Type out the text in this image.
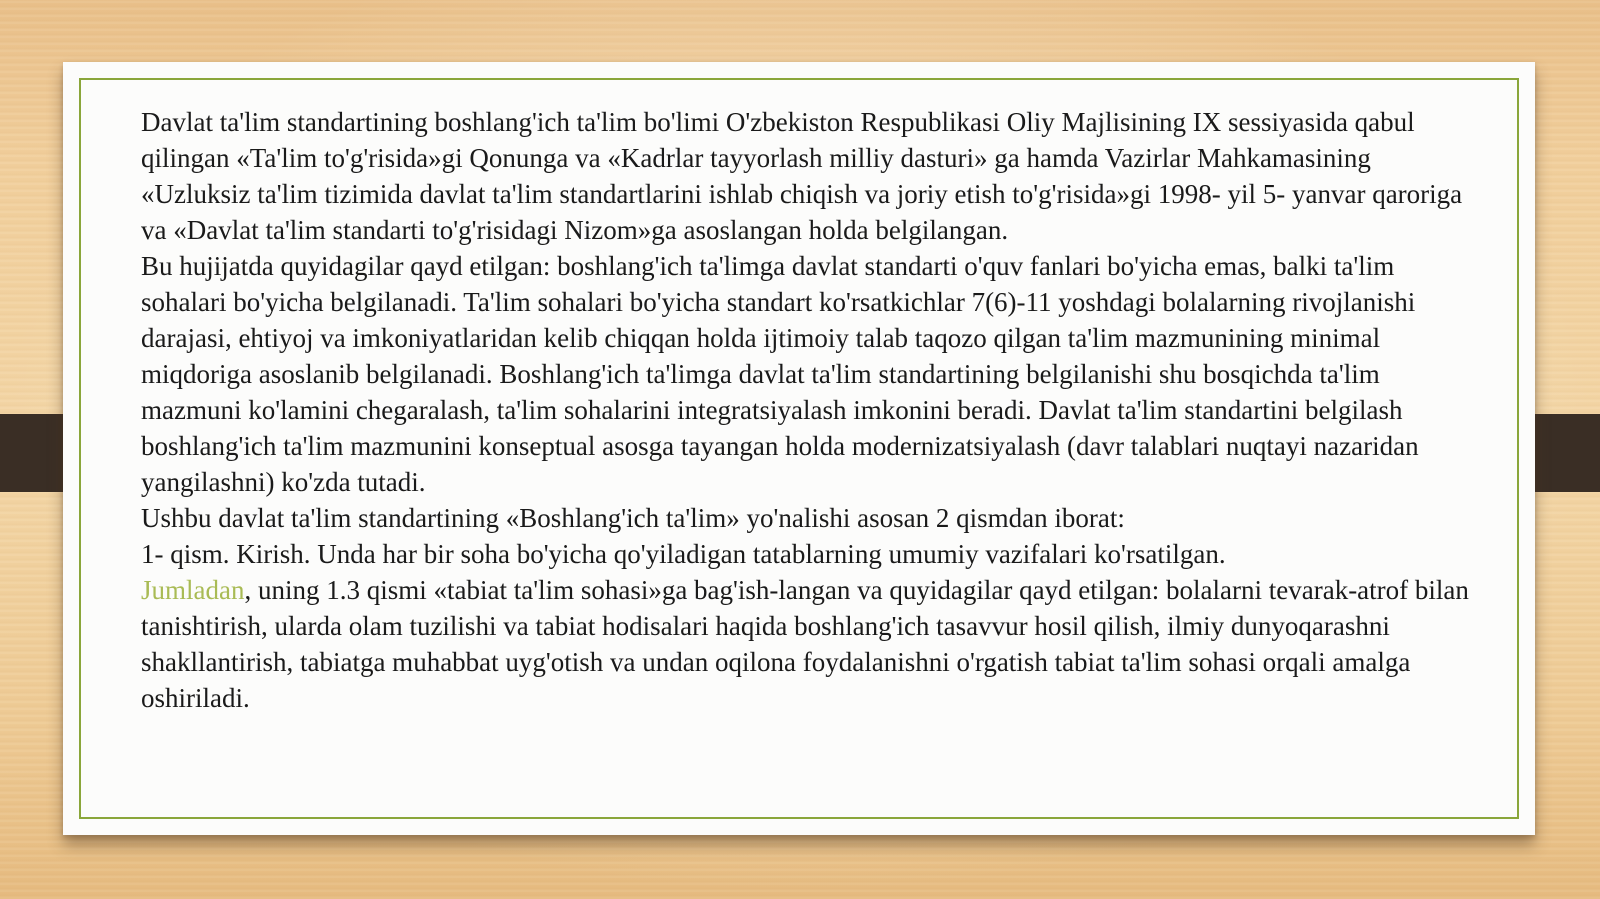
Davlat ta'lim standartining boshlang'ich ta'lim bo'limi O'zbekiston Respublikasi Oliy Majlisining IX sessiyasida qabul qilingan «Ta'lim to'g'risida»gi Qonunga va «Kadrlar tayyorlash milliy dasturi» ga hamda Vazirlar Mahkamasining «Uzluksiz ta'lim tizimida davlat ta'lim standartlarini ishlab chiqish va joriy etish to'g'risida»gi 1998- yil 5- yanvar qaroriga va «Davlat ta'lim standarti to'g'risidagi Nizom»ga asoslangan holda belgilangan.

Bu hujijatda quyidagilar qayd etilgan: boshlang'ich ta'limga davlat standarti o'quv fanlari bo'yicha emas, balki ta'lim sohalari bo'yicha belgilanadi. Ta'lim sohalari bo'yicha standart ko'rsatkichlar 7(6)-11 yoshdagi bolalarning rivojlanishi darajasi, ehtiyoj va imkoniyatlaridan kelib chiqqan holda ijtimoiy talab taqozo qilgan ta'lim mazmunining minimal miqdoriga asoslanib belgilanadi. Boshlang'ich ta'limga davlat ta'lim standartining belgilanishi shu bosqichda ta'lim mazmuni ko'lamini chegaralash, ta'lim sohalarini integratsiyalash imkonini beradi. Davlat ta'lim standartini belgilash boshlang'ich ta'lim mazmunini konseptual asosga tayangan holda modernizatsiyalash (davr talablari nuqtayi nazaridan yangilashni) ko'zda tutadi.

Ushbu davlat ta'lim standartining «Boshlang'ich ta'lim» yo'nalishi asosan 2 qismdan iborat:

1- qism. Kirish. Unda har bir soha bo'yicha qo'yiladigan tatablarning umumiy vazifalari ko'rsatilgan.

Jumladan, uning 1.3 qismi «tabiat ta'lim sohasi»ga bag'ish-langan va quyidagilar qayd etilgan: bolalarni tevarak-atrof bilan tanishtirish, ularda olam tuzilishi va tabiat hodisalari haqida boshlang'ich tasavvur hosil qilish, ilmiy dunyoqarashni shakllantirish, tabiatga muhabbat uyg'otish va undan oqilona foydalanishni o'rgatish tabiat ta'lim sohasi orqali amalga oshiriladi.
